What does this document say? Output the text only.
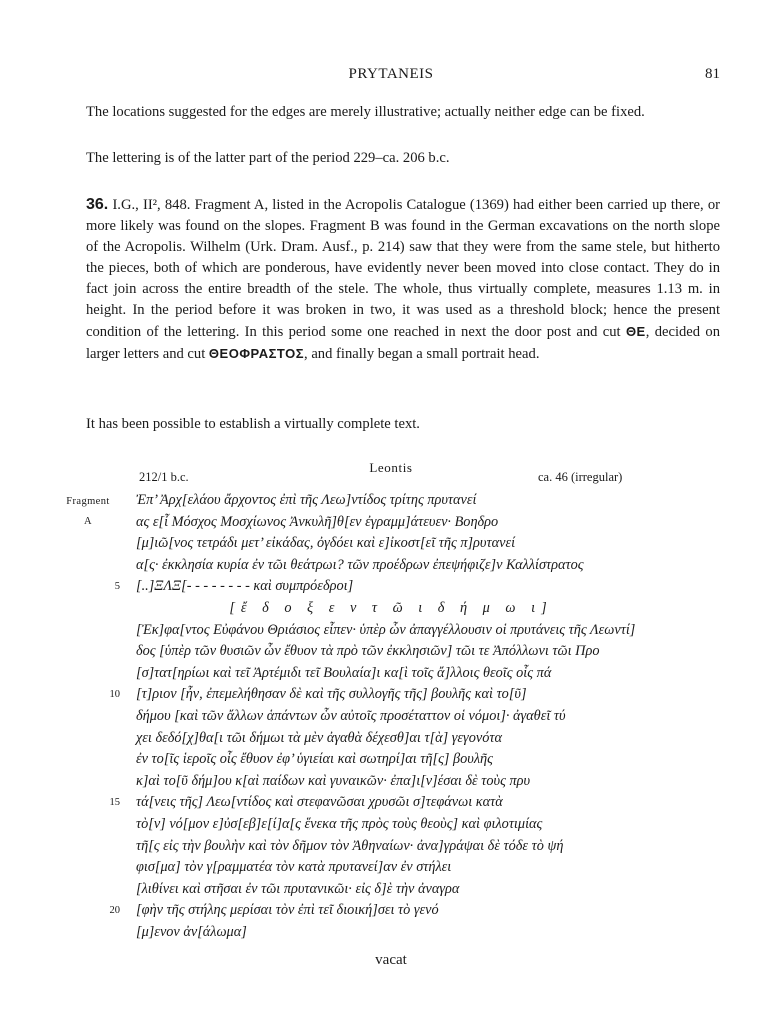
PRYTANEIS	81

The locations suggested for the edges are merely illustrative; actually neither edge can be fixed.

The lettering is of the latter part of the period 229–ca. 206 b.c.

36. I.G., II², 848. Fragment A, listed in the Acropolis Catalogue (1369) had either been carried up there, or more likely was found on the slopes. Fragment B was found in the German excavations on the north slope of the Acropolis. Wilhelm (Urk. Dram. Ausf., p. 214) saw that they were from the same stele, but hitherto the pieces, both of which are ponderous, have evidently never been moved into close contact. They do in fact join across the entire breadth of the stele. The whole, thus virtually complete, measures 1.13 m. in height. In the period before it was broken in two, it was used as a threshold block; hence the present condition of the lettering. In this period some one reached in next the door post and cut ΘΕ, decided on larger letters and cut ΘΕΟΦΡΑΣΤΟΣ, and finally began a small portrait head.

It has been possible to establish a virtually complete text.

212/1 b.c.
Leontis
ca. 46 (irregular)
Fragment
A
Ἐπ’ Ἀρχ[ελάου ἄρχοντος ἐπὶ τῆς Λεω]ντίδος τρίτης πρυτανεί
ας ε[ἶ Μόσχος Μοσχίωνος Ἀνκυλῆ]θ[εν ἐγραμμ]άτευεν· Βοηδρο
[μ]ιῶ[νος τετράδι μετ’ εἰκάδας, ὀγδόει καὶ ε]ἰκοστ[εῖ τῆς π]ρυτανεί
α[ς· ἐκκλησία κυρία ἐν τῶι θεάτρωι? τῶν προέδρων ἐπεψήφιζε]ν Καλλίστρατος
[..]ΞΛΞ[- - - - - - - - καὶ συμπρόεδροι]
5
[ἔ δ ο ξ ε ν τ ῶ ι δ ή μ ω ι]
[Ἐκ]φα[ντος Εὐφάνου Θριάσιος εἶπεν· ὑπὲρ ὧν ἀπαγγέλλουσιν οἱ πρυτάνεις τῆς Λεωντί]
δος [ὑπὲρ τῶν θυσιῶν ὧν ἔθυον τὰ πρὸ τῶν ἐκκλησιῶν] τῶι τε Ἀπόλλωνι τῶι Προ
[σ]τατ[ηρίωι καὶ τεῖ Ἀρτέμιδι τεῖ Βουλαία]ι κα[ὶ τοῖς ἄ]λλοις θεοῖς οἷς πά
[τ]ριον [ἦν, ἐπεμελήθησαν δὲ καὶ τῆς συλλογῆς τῆς] βουλῆς καὶ το[ῦ]
10
δήμου [καὶ τῶν ἄλλων ἁπάντων ὧν αὐτοῖς προσέταττον οἱ νόμοι]· ἀγαθεῖ τύ
χει δεδό[χ]θα[ι τῶι δήμωι τὰ μὲν ἀγαθὰ δέχεσθ]αι τ[ὰ] γεγονότα
ἐν το[ῖς ἱεροῖς οἷς ἔθυον ἐφ’ ὑγιείαι καὶ σωτηρί]αι τῆ[ς] βουλῆς
κ]αὶ το[ῦ δήμ]ου κ[αὶ παίδων καὶ γυναικῶν· ἐπα]ι[ν]έσαι δὲ τοὺς πρυ
τά[νεις τῆς] Λεω[ντίδος καὶ στεφανῶσαι χρυσῶι σ]τεφάνωι κατὰ
15
τὸ[ν] νό[μον ε]ὐσ[εβ]ε[ί]α[ς ἕνεκα τῆς πρὸς τοὺς θεοὺς] καὶ φιλοτιμίας
τῆ[ς εἰς τὴν βουλὴν καὶ τὸν δῆμον τὸν Ἀθηναίων· ἀνα]γράψαι δὲ τόδε τὸ ψή
φισ[μα] τὸν γ[ραμματέα τὸν κατὰ πρυτανεί]αν ἐν στήλει
[λιθίνει καὶ στῆσαι ἐν τῶι πρυτανικῶι· εἰς δ]ὲ τὴν ἀναγρα
[φὴν τῆς στήλης μερίσαι τὸν ἐπὶ τεῖ διοική]σει τὸ γενό
20
[μ]ενον ἀν[άλωμα]
vacat
